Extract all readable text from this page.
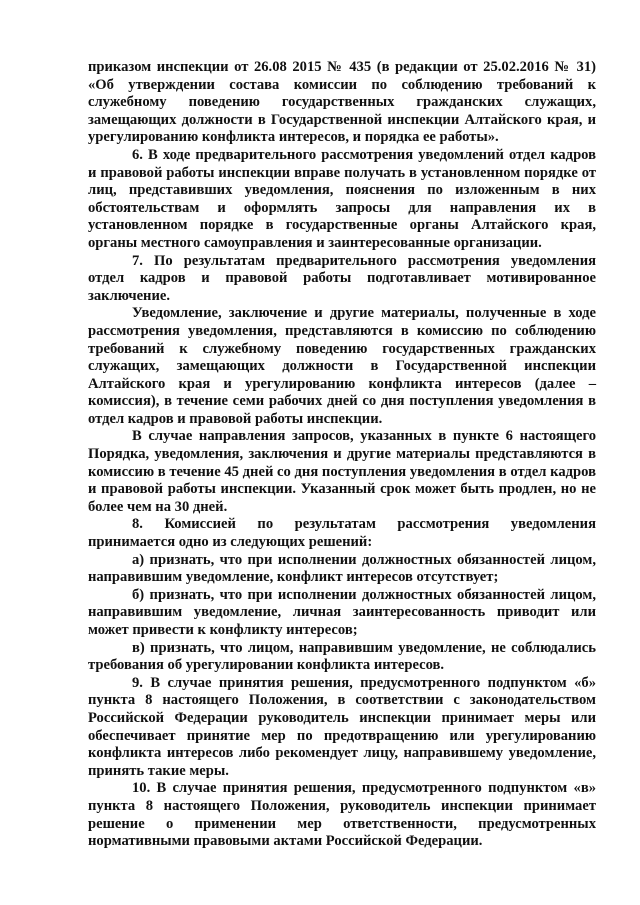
приказом инспекции от 26.08 2015 № 435 (в редакции от 25.02.2016 № 31) «Об утверждении состава комиссии по соблюдению требований к служебному поведению государственных гражданских служащих, замещающих должности в Государственной инспекции Алтайского края, и урегулированию конфликта интересов, и порядка ее работы».

6. В ходе предварительного рассмотрения уведомлений отдел кадров и правовой работы инспекции вправе получать в установленном порядке от лиц, представивших уведомления, пояснения по изложенным в них обстоятельствам и оформлять запросы для направления их в установленном порядке в государственные органы Алтайского края, органы местного самоуправления и заинтересованные организации.

7. По результатам предварительного рассмотрения уведомления отдел кадров и правовой работы подготавливает мотивированное заключение.

Уведомление, заключение и другие материалы, полученные в ходе рассмотрения уведомления, представляются в комиссию по соблюдению требований к служебному поведению государственных гражданских служащих, замещающих должности в Государственной инспекции Алтайского края и урегулированию конфликта интересов (далее – комиссия), в течение семи рабочих дней со дня поступления уведомления в отдел кадров и правовой работы инспекции.

В случае направления запросов, указанных в пункте 6 настоящего Порядка, уведомления, заключения и другие материалы представляются в комиссию в течение 45 дней со дня поступления уведомления в отдел кадров и правовой работы инспекции. Указанный срок может быть продлен, но не более чем на 30 дней.

8. Комиссией по результатам рассмотрения уведомления принимается одно из следующих решений:

а) признать, что при исполнении должностных обязанностей лицом, направившим уведомление, конфликт интересов отсутствует;

б) признать, что при исполнении должностных обязанностей лицом, направившим уведомление, личная заинтересованность приводит или может привести к конфликту интересов;

в) признать, что лицом, направившим уведомление, не соблюдались требования об урегулировании конфликта интересов.

9. В случае принятия решения, предусмотренного подпунктом «б» пункта 8 настоящего Положения, в соответствии с законодательством Российской Федерации руководитель инспекции принимает меры или обеспечивает принятие мер по предотвращению или урегулированию конфликта интересов либо рекомендует лицу, направившему уведомление, принять такие меры.

10. В случае принятия решения, предусмотренного подпунктом «в» пункта 8 настоящего Положения, руководитель инспекции принимает решение о применении мер ответственности, предусмотренных нормативными правовыми актами Российской Федерации.
